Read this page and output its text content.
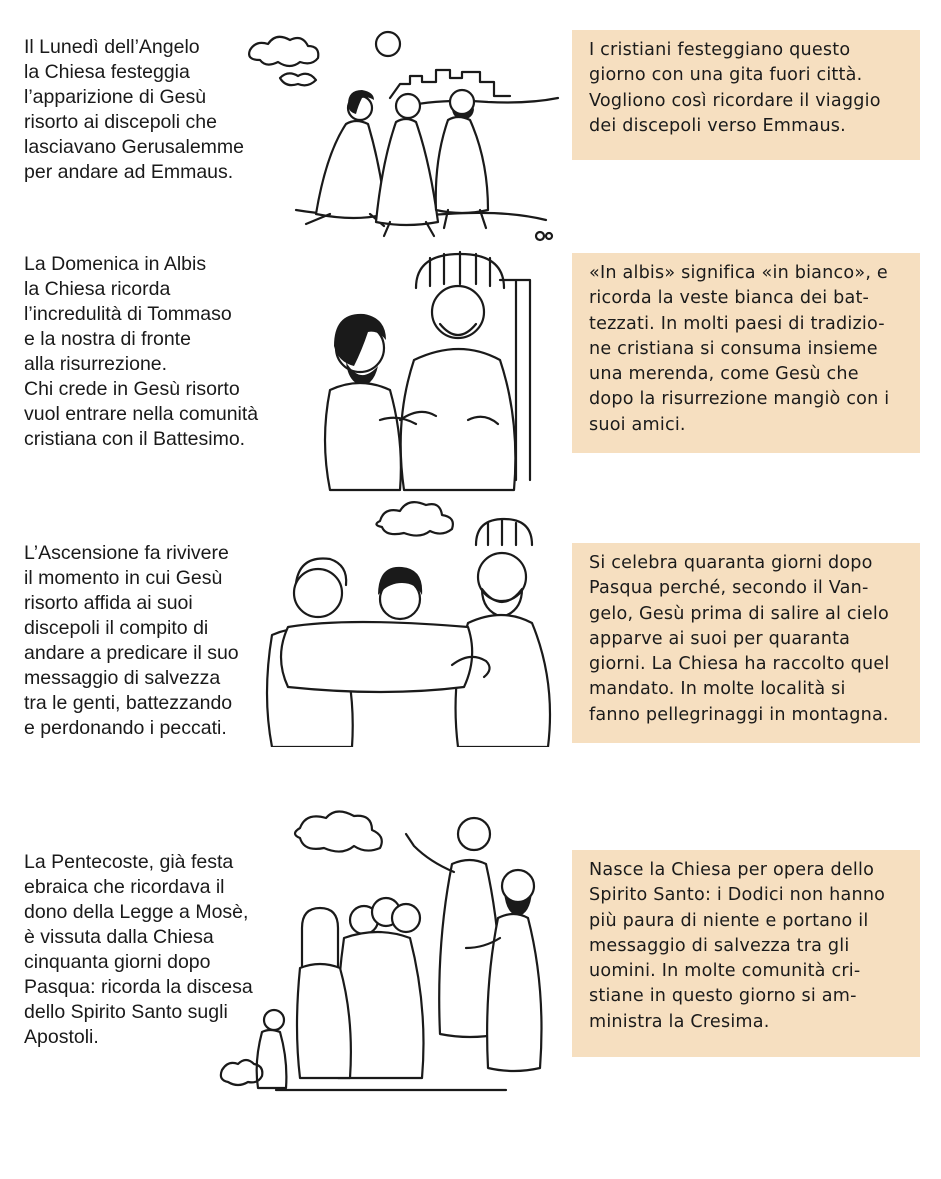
Il Lunedì dell’Angelo
la Chiesa festeggia
l’apparizione di Gesù
risorto ai discepoli che
lasciavano Gerusalemme
per andare ad Emmaus.
I cristiani festeggiano questo
giorno con una gita fuori città.
Vogliono così ricordare il viaggio
dei discepoli verso Emmaus.
La Domenica in Albis
la Chiesa ricorda
l’incredulità di Tommaso
e la nostra di fronte
alla risurrezione.
Chi crede in Gesù risorto
vuol entrare nella comunità
cristiana con il Battesimo.
«In albis» significa «in bianco», e
ricorda la veste bianca dei bat-
tezzati. In molti paesi di tradizio-
ne cristiana si consuma insieme
una merenda, come Gesù che
dopo la risurrezione mangiò con i
suoi amici.
L’Ascensione fa rivivere
il momento in cui Gesù
risorto affida ai suoi
discepoli il compito di
andare a predicare il suo
messaggio di salvezza
tra le genti, battezzando
e perdonando i peccati.
Si celebra quaranta giorni dopo
Pasqua perché, secondo il Van-
gelo, Gesù prima di salire al cielo
apparve ai suoi per quaranta
giorni. La Chiesa ha raccolto quel
mandato. In molte località si
fanno pellegrinaggi in montagna.
La Pentecoste, già festa
ebraica che ricordava il
dono della Legge a Mosè,
è vissuta dalla Chiesa
cinquanta giorni dopo
Pasqua: ricorda la discesa
dello Spirito Santo sugli
Apostoli.
Nasce la Chiesa per opera dello
Spirito Santo: i Dodici non hanno
più paura di niente e portano il
messaggio di salvezza tra gli
uomini. In molte comunità cri-
stiane in questo giorno si am-
ministra la Cresima.
